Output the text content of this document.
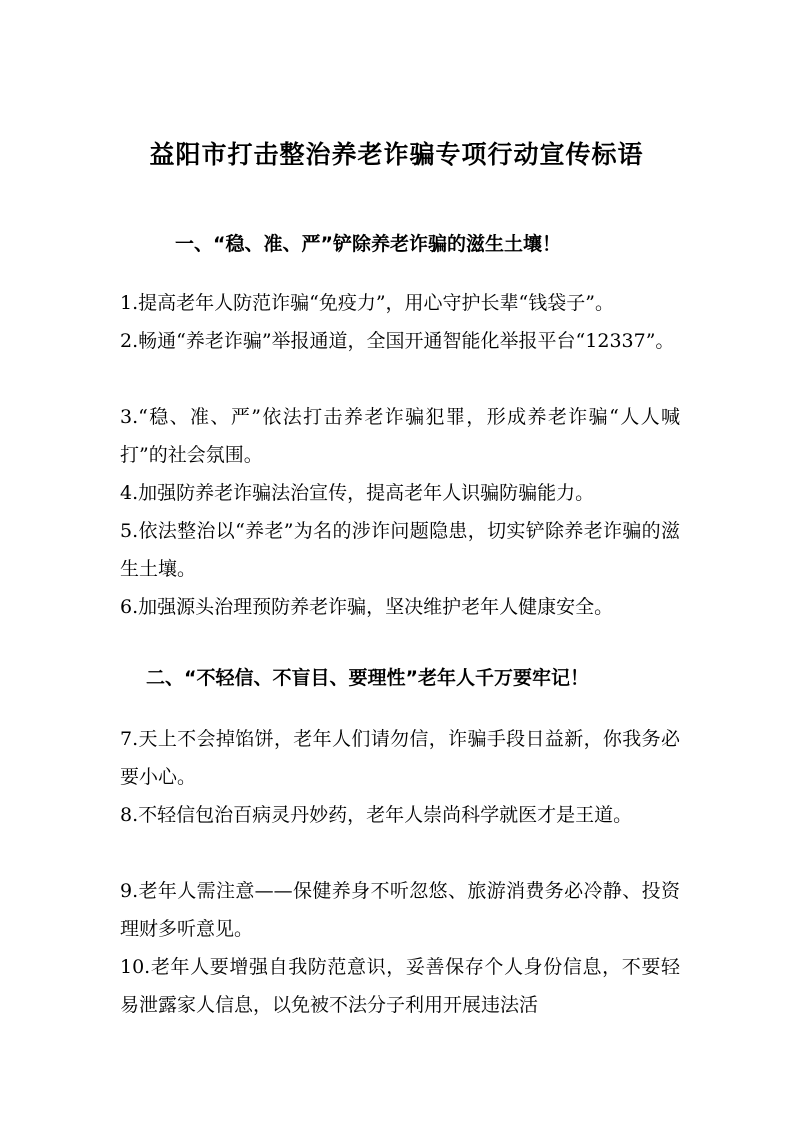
益阳市打击整治养老诈骗专项行动宣传标语
一、“稳、准、严”铲除养老诈骗的滋生土壤！

1.提高老年人防范诈骗“免疫力”，用心守护长辈“钱袋子”。

2.畅通“养老诈骗”举报通道，全国开通智能化举报平台“12337”。

3.“稳、准、严”依法打击养老诈骗犯罪，形成养老诈骗“人人喊打”的社会氛围。

4.加强防养老诈骗法治宣传，提高老年人识骗防骗能力。

5.依法整治以“养老”为名的涉诈问题隐患，切实铲除养老诈骗的滋生土壤。

6.加强源头治理预防养老诈骗，坚决维护老年人健康安全。

二、“不轻信、不盲目、要理性”老年人千万要牢记！

7.天上不会掉馅饼，老年人们请勿信，诈骗手段日益新，你我务必要小心。

8.不轻信包治百病灵丹妙药，老年人崇尚科学就医才是王道。

9.老年人需注意——保健养身不听忽悠、旅游消费务必冷静、投资理财多听意见。

10.老年人要增强自我防范意识，妥善保存个人身份信息，不要轻易泄露家人信息，以免被不法分子利用开展违法活
